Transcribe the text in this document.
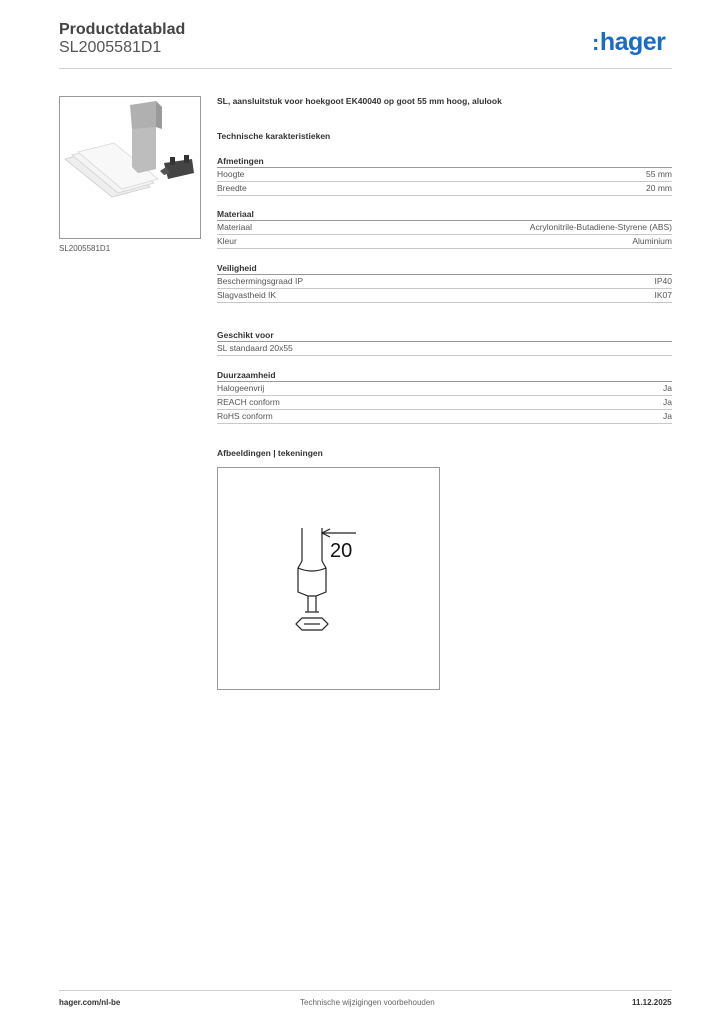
Productdatablad
SL2005581D1	:hager
SL2005581D1
SL, aansluitstuk voor hoekgoot EK40040 op goot 55 mm hoog, alulook
Technische karakteristieken
Afmetingen
Hoogte	55 mm
Breedte	20 mm
Materiaal
Materiaal	Acrylonitrile-Butadiene-Styrene (ABS)
Kleur	Aluminium
Veiligheid
Beschermingsgraad IP	IP40
Slagvastheid IK	IK07
Geschikt voor
SL standaard 20x55
Duurzaamheid
Halogeenvrij	Ja
REACH conform	Ja
RoHS conform	Ja
Afbeeldingen | tekeningen
20
hager.com/nl-be	Technische wijzigingen voorbehouden	11.12.2025
